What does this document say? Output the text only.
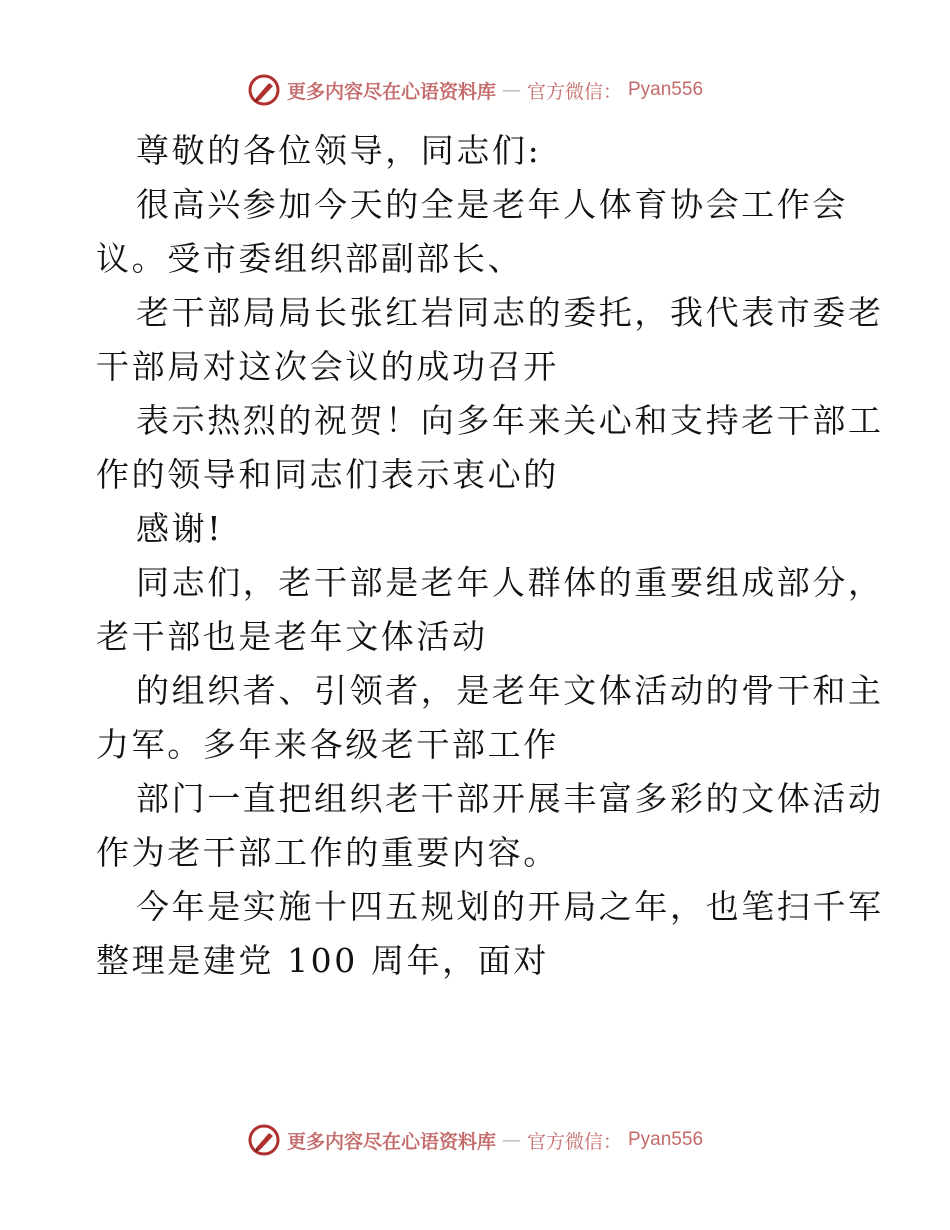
更多内容尽在心语资料库 — 官方微信： Pyan556
尊敬的各位领导，同志们:
很高兴参加今天的全是老年人体育协会工作会
议。受市委组织部副部长、
老干部局局长张红岩同志的委托，我代表市委老
干部局对这次会议的成功召开
表示热烈的祝贺！向多年来关心和支持老干部工
作的领导和同志们表示衷心的
感谢!
同志们，老干部是老年人群体的重要组成部分，
老干部也是老年文体活动
的组织者、引领者，是老年文体活动的骨干和主
力军。多年来各级老干部工作
部门一直把组织老干部开展丰富多彩的文体活动
作为老干部工作的重要内容。
今年是实施十四五规划的开局之年，也笔扫千军
整理是建党 100 周年，面对
更多内容尽在心语资料库 — 官方微信： Pyan556
